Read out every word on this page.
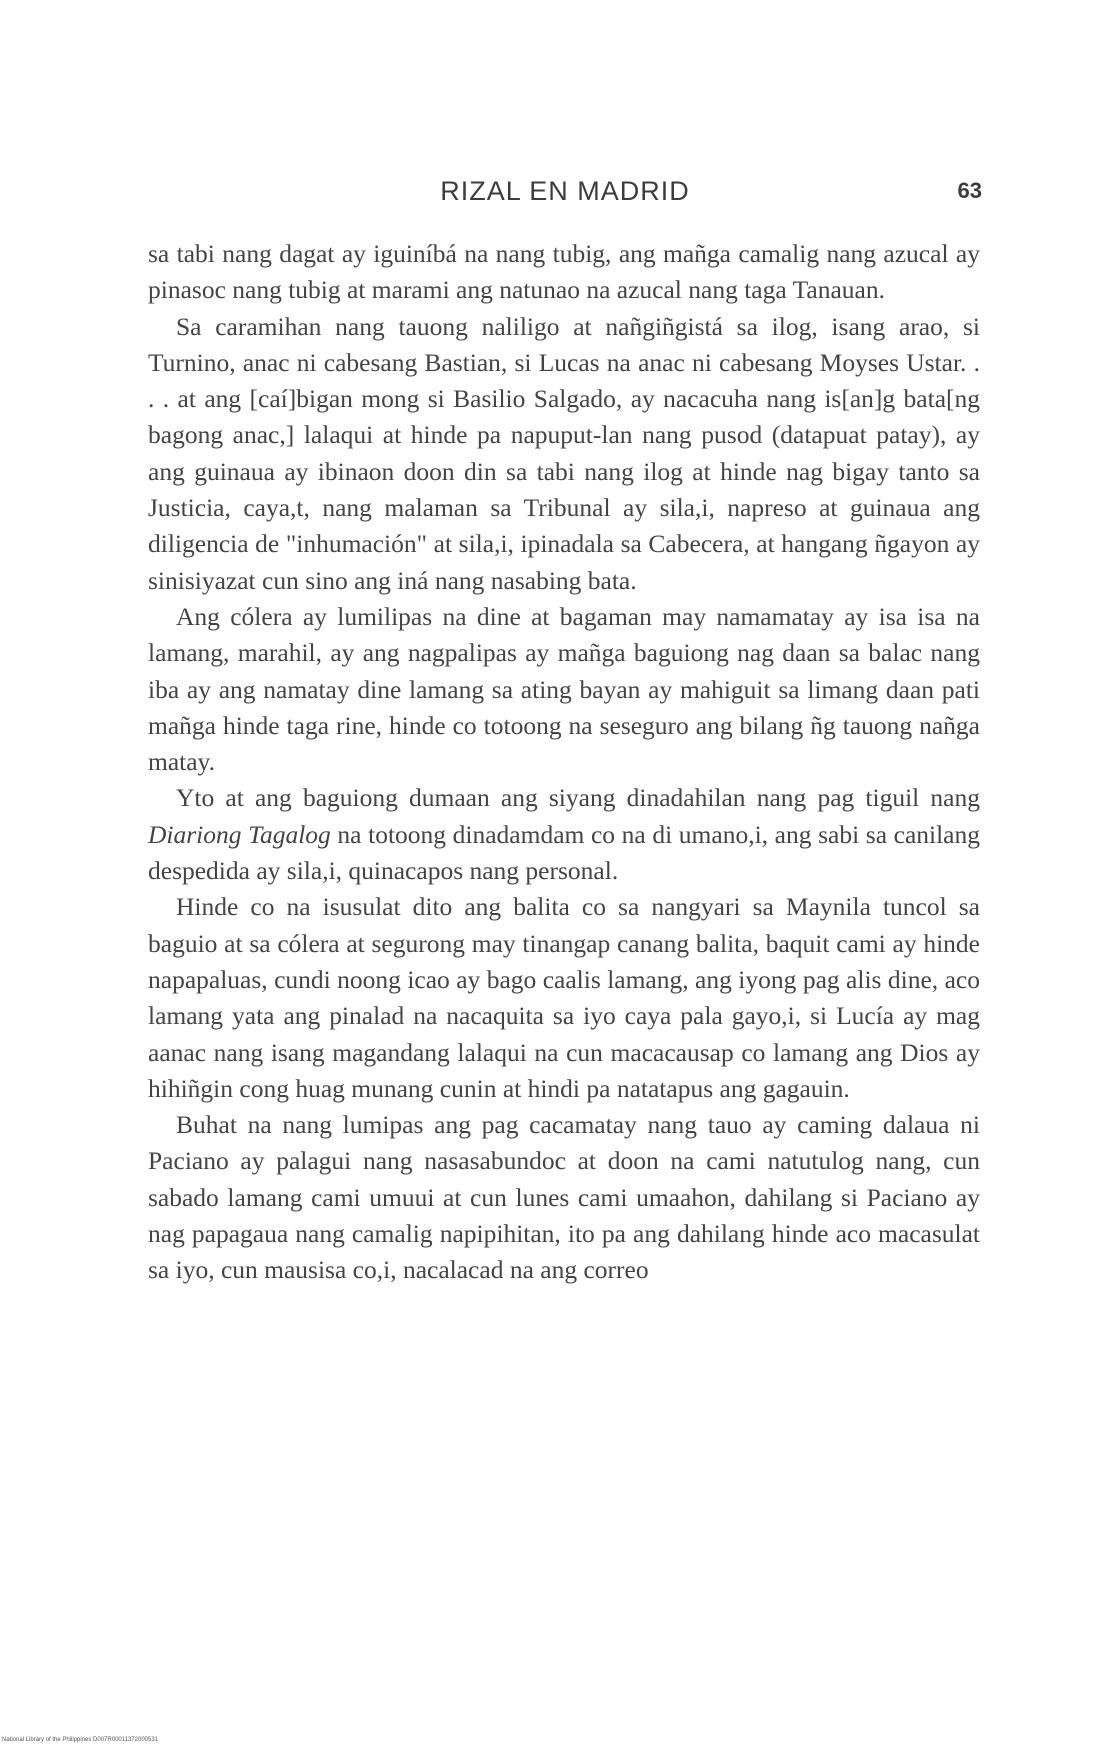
RIZAL EN MADRID	63

sa tabi nang dagat ay iguiníbá na nang tubig, ang mañga camalig nang azucal ay pinasoc nang tubig at marami ang natunao na azucal nang taga Tanauan.

Sa caramihan nang tauong naliligo at nañgiñgistá sa ilog, isang arao, si Turnino, anac ni cabesang Bastian, si Lucas na anac ni cabesang Moyses Ustar. . . . at ang [caí]bigan mong si Basilio Salgado, ay nacacuha nang is[an]g bata[ng bagong anac,] lalaqui at hinde pa napuput-lan nang pusod (datapuat patay), ay ang guinaua ay ibinaon doon din sa tabi nang ilog at hinde nag bigay tanto sa Justicia, caya,t, nang malaman sa Tribunal ay sila,i, napreso at guinaua ang diligencia de "inhumación" at sila,i, ipinadala sa Cabecera, at hangang ñgayon ay sinisiyazat cun sino ang iná nang nasabing bata.

Ang cólera ay lumilipas na dine at bagaman may namamatay ay isa isa na lamang, marahil, ay ang nagpalipas ay mañga baguiong nag daan sa balac nang iba ay ang namatay dine lamang sa ating bayan ay mahiguit sa limang daan pati mañga hinde taga rine, hinde co totoong na seseguro ang bilang ñg tauong nañga matay.

Yto at ang baguiong dumaan ang siyang dinadahilan nang pag tiguil nang Diariong Tagalog na totoong dinadamdam co na di umano,i, ang sabi sa canilang despedida ay sila,i, quinacapos nang personal.

Hinde co na isusulat dito ang balita co sa nangyari sa Maynila tuncol sa baguio at sa cólera at segurong may tinangap canang balita, baquit cami ay hinde napapaluas, cundi noong icao ay bago caalis lamang, ang iyong pag alis dine, aco lamang yata ang pinalad na nacaquita sa iyo caya pala gayo,i, si Lucía ay mag aanac nang isang magandang lalaqui na cun macacausap co lamang ang Dios ay hihiñgin cong huag munang cunin at hindi pa natatapus ang gagauin.

Buhat na nang lumipas ang pag cacamatay nang tauo ay caming dalaua ni Paciano ay palagui nang nasasabundoc at doon na cami natutulog nang, cun sabado lamang cami umuui at cun lunes cami umaahon, dahilang si Paciano ay nag papagaua nang camalig napipihitan, ito pa ang dahilang hinde aco macasulat sa iyo, cun mausisa co,i, nacalacad na ang correo

National Library of the Philippines D007R00011372000531
